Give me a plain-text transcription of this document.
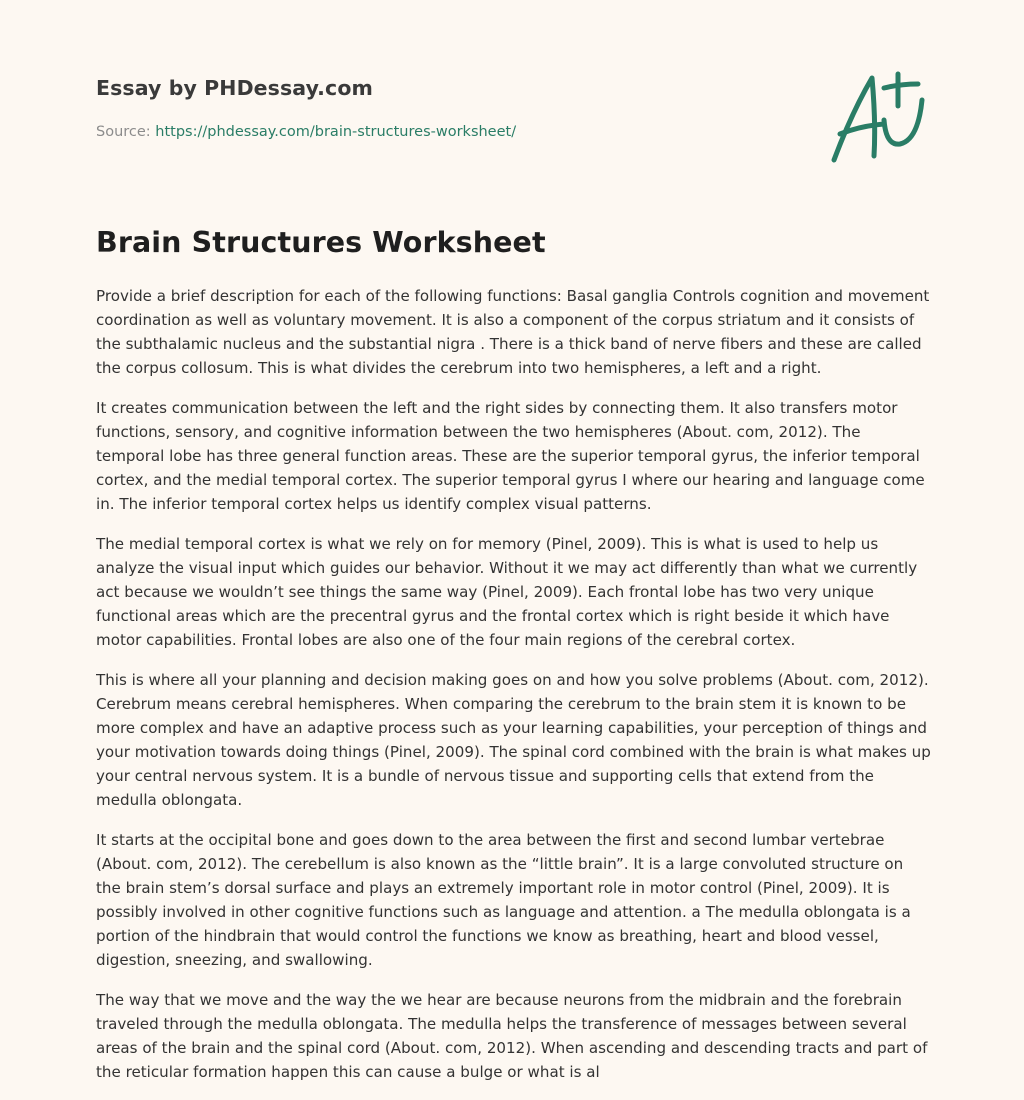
Essay by PHDessay.com
Source: https://phdessay.com/brain-structures-worksheet/
Brain Structures Worksheet

Provide a brief description for each of the following functions: Basal ganglia Controls cognition and movement coordination as well as voluntary movement. It is also a component of the corpus striatum and it consists of the subthalamic nucleus and the substantial nigra . There is a thick band of nerve fibers and these are called the corpus collosum. This is what divides the cerebrum into two hemispheres, a left and a right.

It creates communication between the left and the right sides by connecting them. It also transfers motor functions, sensory, and cognitive information between the two hemispheres (About. com, 2012). The temporal lobe has three general function areas. These are the superior temporal gyrus, the inferior temporal cortex, and the medial temporal cortex. The superior temporal gyrus I where our hearing and language come in. The inferior temporal cortex helps us identify complex visual patterns.

The medial temporal cortex is what we rely on for memory (Pinel, 2009). This is what is used to help us analyze the visual input which guides our behavior. Without it we may act differently than what we currently act because we wouldn’t see things the same way (Pinel, 2009). Each frontal lobe has two very unique functional areas which are the precentral gyrus and the frontal cortex which is right beside it which have motor capabilities. Frontal lobes are also one of the four main regions of the cerebral cortex.

This is where all your planning and decision making goes on and how you solve problems (About. com, 2012). Cerebrum means cerebral hemispheres. When comparing the cerebrum to the brain stem it is known to be more complex and have an adaptive process such as your learning capabilities, your perception of things and your motivation towards doing things (Pinel, 2009). The spinal cord combined with the brain is what makes up your central nervous system. It is a bundle of nervous tissue and supporting cells that extend from the medulla oblongata.

It starts at the occipital bone and goes down to the area between the first and second lumbar vertebrae (About. com, 2012). The cerebellum is also known as the “little brain”. It is a large convoluted structure on the brain stem’s dorsal surface and plays an extremely important role in motor control (Pinel, 2009). It is possibly involved in other cognitive functions such as language and attention. a The medulla oblongata is a portion of the hindbrain that would control the functions we know as breathing, heart and blood vessel, digestion, sneezing, and swallowing.

The way that we move and the way the we hear are because neurons from the midbrain and the forebrain traveled through the medulla oblongata. The medulla helps the transference of messages between several areas of the brain and the spinal cord (About. com, 2012). When ascending and descending tracts and part of the reticular formation happen this can cause a bulge or what is al
